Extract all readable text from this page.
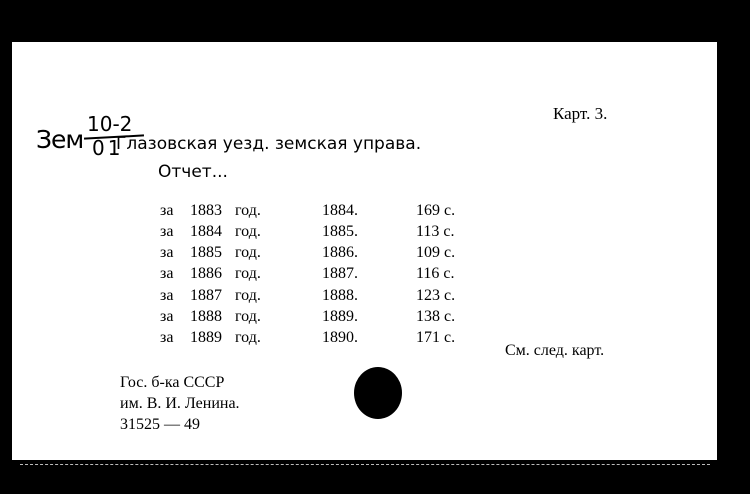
Зем
10-2
01
Карт. 3.
Глазовская уезд. земская управа.
Отчет...
за 1883 год.	1884.	169 с.
за 1884 год.	1885.	113 с.
за 1885 год.	1886.	109 с.
за 1886 год.	1887.	116 с.
за 1887 год.	1888.	123 с.
за 1888 год.	1889.	138 с.
за 1889 год.	1890.	171 с.
См. след. карт.
Гос. б-ка СССР
им. В. И. Ленина.
31525 — 49
